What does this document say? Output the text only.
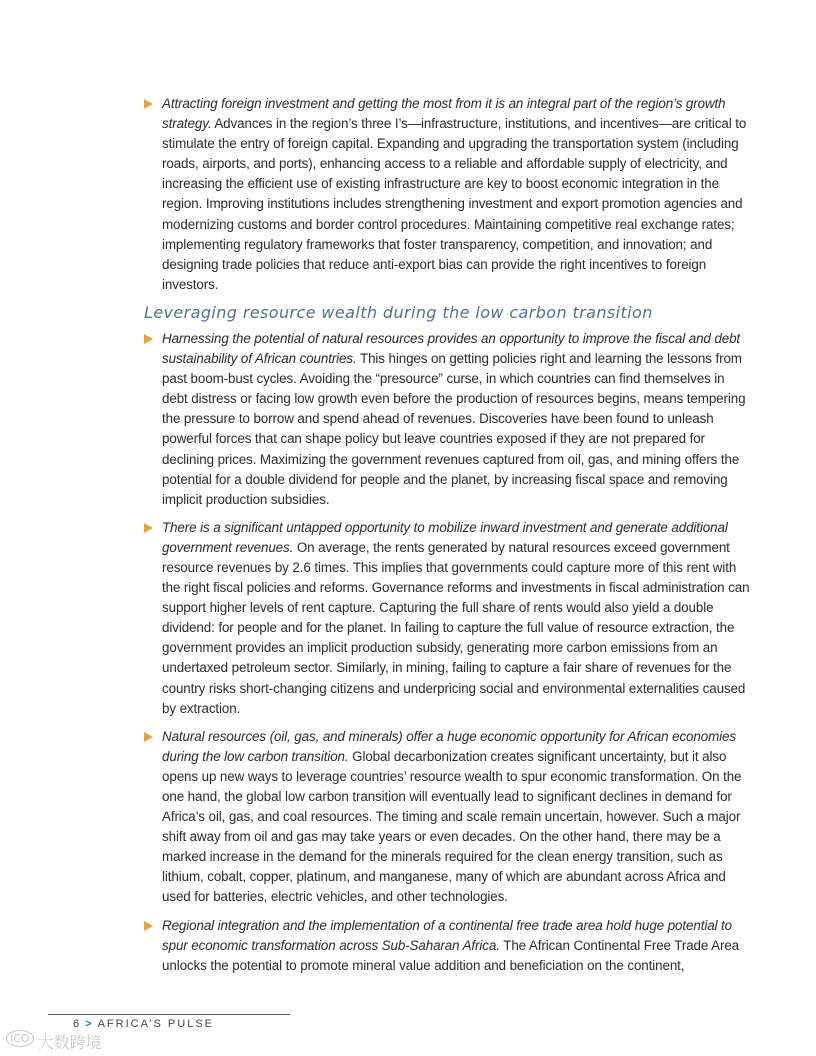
Attracting foreign investment and getting the most from it is an integral part of the region’s growth strategy. Advances in the region’s three I’s—infrastructure, institutions, and incentives—are critical to stimulate the entry of foreign capital. Expanding and upgrading the transportation system (including roads, airports, and ports), enhancing access to a reliable and affordable supply of electricity, and increasing the efficient use of existing infrastructure are key to boost economic integration in the region. Improving institutions includes strengthening investment and export promotion agencies and modernizing customs and border control procedures. Maintaining competitive real exchange rates; implementing regulatory frameworks that foster transparency, competition, and innovation; and designing trade policies that reduce anti-export bias can provide the right incentives to foreign investors.
Leveraging resource wealth during the low carbon transition
Harnessing the potential of natural resources provides an opportunity to improve the fiscal and debt sustainability of African countries. This hinges on getting policies right and learning the lessons from past boom-bust cycles. Avoiding the “presource” curse, in which countries can find themselves in debt distress or facing low growth even before the production of resources begins, means tempering the pressure to borrow and spend ahead of revenues. Discoveries have been found to unleash powerful forces that can shape policy but leave countries exposed if they are not prepared for declining prices. Maximizing the government revenues captured from oil, gas, and mining offers the potential for a double dividend for people and the planet, by increasing fiscal space and removing implicit production subsidies.
There is a significant untapped opportunity to mobilize inward investment and generate additional government revenues. On average, the rents generated by natural resources exceed government resource revenues by 2.6 times. This implies that governments could capture more of this rent with the right fiscal policies and reforms. Governance reforms and investments in fiscal administration can support higher levels of rent capture. Capturing the full share of rents would also yield a double dividend: for people and for the planet. In failing to capture the full value of resource extraction, the government provides an implicit production subsidy, generating more carbon emissions from an undertaxed petroleum sector. Similarly, in mining, failing to capture a fair share of revenues for the country risks short-changing citizens and underpricing social and environmental externalities caused by extraction.
Natural resources (oil, gas, and minerals) offer a huge economic opportunity for African economies during the low carbon transition. Global decarbonization creates significant uncertainty, but it also opens up new ways to leverage countries’ resource wealth to spur economic transformation. On the one hand, the global low carbon transition will eventually lead to significant declines in demand for Africa’s oil, gas, and coal resources. The timing and scale remain uncertain, however. Such a major shift away from oil and gas may take years or even decades. On the other hand, there may be a marked increase in the demand for the minerals required for the clean energy transition, such as lithium, cobalt, copper, platinum, and manganese, many of which are abundant across Africa and used for batteries, electric vehicles, and other technologies.
Regional integration and the implementation of a continental free trade area hold huge potential to spur economic transformation across Sub-Saharan Africa. The African Continental Free Trade Area unlocks the potential to promote mineral value addition and beneficiation on the continent,
6 > AFRICA’S PULSE
ICO 大数跨境
